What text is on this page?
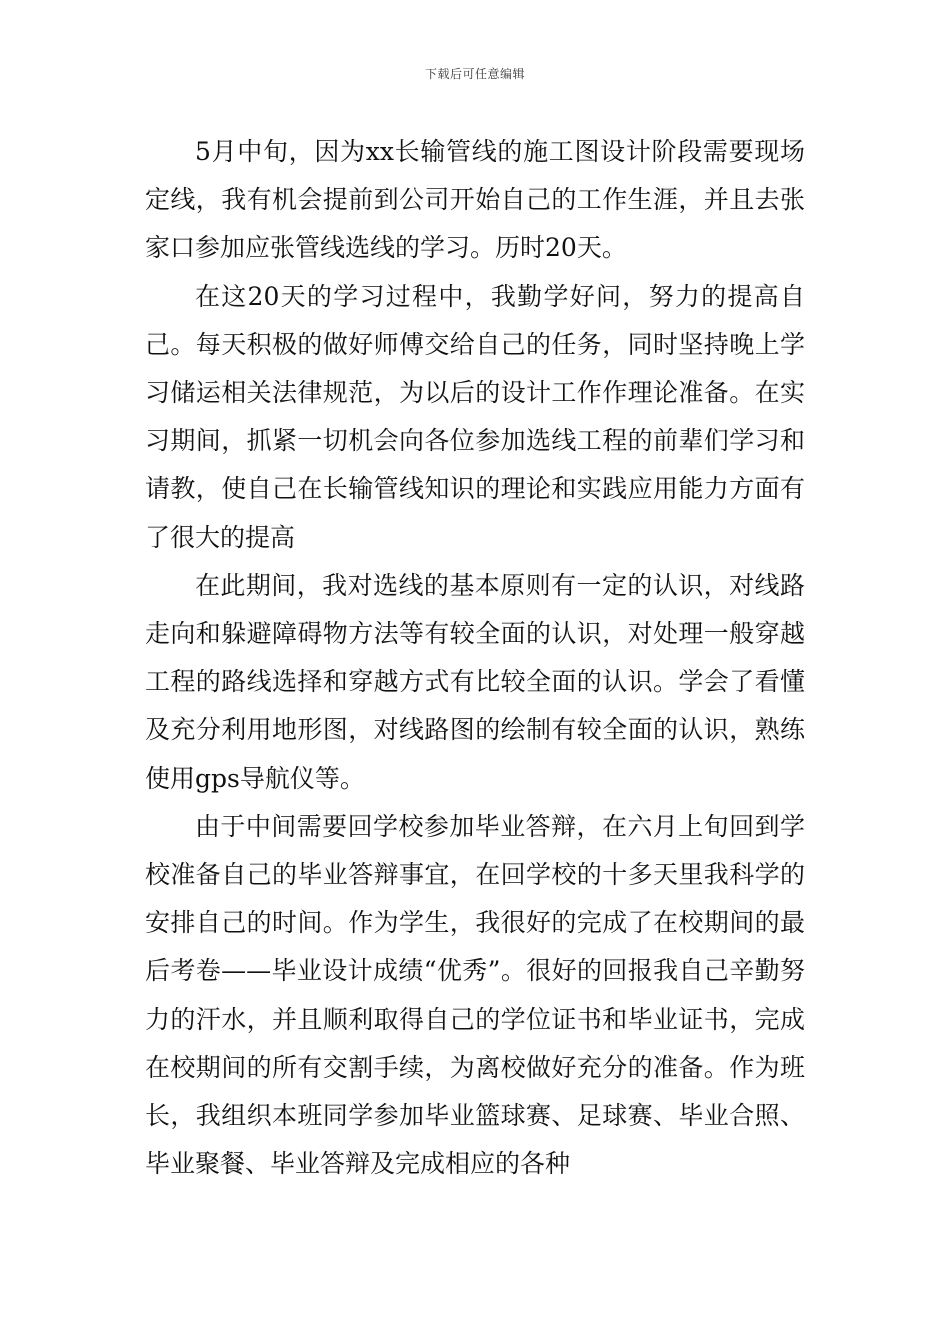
下载后可任意编辑

5月中旬，因为xx长输管线的施工图设计阶段需要现场定线，我有机会提前到公司开始自己的工作生涯，并且去张家口参加应张管线选线的学习。历时20天。

在这20天的学习过程中，我勤学好问，努力的提高自己。每天积极的做好师傅交给自己的任务，同时坚持晚上学习储运相关法律规范，为以后的设计工作作理论准备。在实习期间，抓紧一切机会向各位参加选线工程的前辈们学习和请教，使自己在长输管线知识的理论和实践应用能力方面有了很大的提高

在此期间，我对选线的基本原则有一定的认识，对线路走向和躲避障碍物方法等有较全面的认识，对处理一般穿越工程的路线选择和穿越方式有比较全面的认识。学会了看懂及充分利用地形图，对线路图的绘制有较全面的认识，熟练使用gps导航仪等。

由于中间需要回学校参加毕业答辩，在六月上旬回到学校准备自己的毕业答辩事宜，在回学校的十多天里我科学的安排自己的时间。作为学生，我很好的完成了在校期间的最后考卷——毕业设计成绩“优秀”。很好的回报我自己辛勤努力的汗水，并且顺利取得自己的学位证书和毕业证书，完成在校期间的所有交割手续，为离校做好充分的准备。作为班长，我组织本班同学参加毕业篮球赛、足球赛、毕业合照、毕业聚餐、毕业答辩及完成相应的各种
